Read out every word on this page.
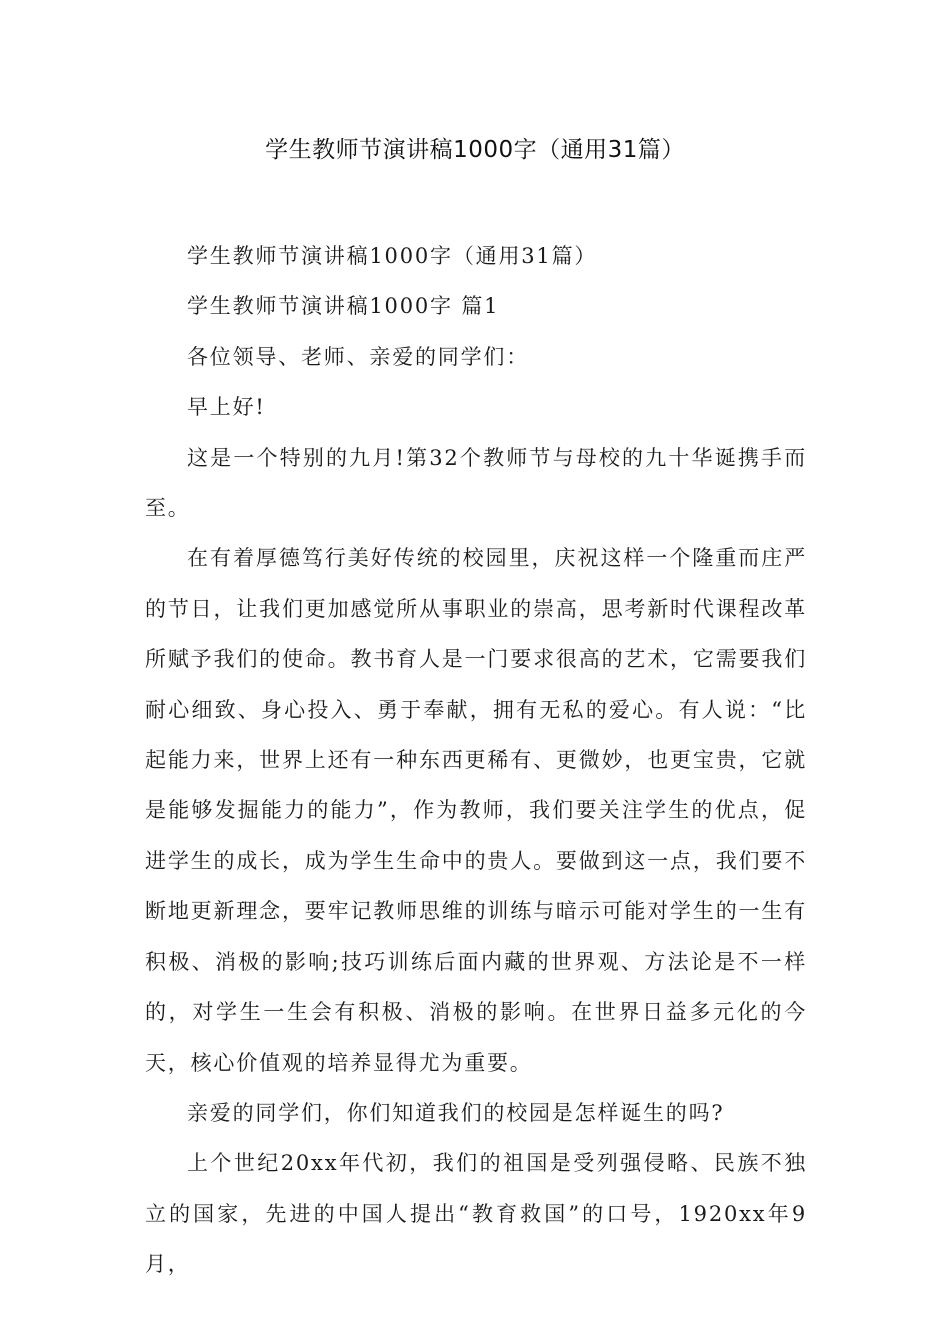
学生教师节演讲稿1000字（通用31篇）

学生教师节演讲稿1000字（通用31篇）

学生教师节演讲稿1000字 篇1

各位领导、老师、亲爱的同学们：

早上好!

这是一个特别的九月!第32个教师节与母校的九十华诞携手而至。

在有着厚德笃行美好传统的校园里，庆祝这样一个隆重而庄严的节日，让我们更加感觉所从事职业的崇高，思考新时代课程改革所赋予我们的使命。教书育人是一门要求很高的艺术，它需要我们耐心细致、身心投入、勇于奉献，拥有无私的爱心。有人说：“比起能力来，世界上还有一种东西更稀有、更微妙，也更宝贵，它就是能够发掘能力的能力”，作为教师，我们要关注学生的优点，促进学生的成长，成为学生生命中的贵人。要做到这一点，我们要不断地更新理念，要牢记教师思维的训练与暗示可能对学生的一生有积极、消极的影响;技巧训练后面内藏的世界观、方法论是不一样的，对学生一生会有积极、消极的影响。在世界日益多元化的今天，核心价值观的培养显得尤为重要。

亲爱的同学们，你们知道我们的校园是怎样诞生的吗?

上个世纪20xx年代初，我们的祖国是受列强侵略、民族不独立的国家，先进的中国人提出“教育救国”的口号，1920xx年9月，
